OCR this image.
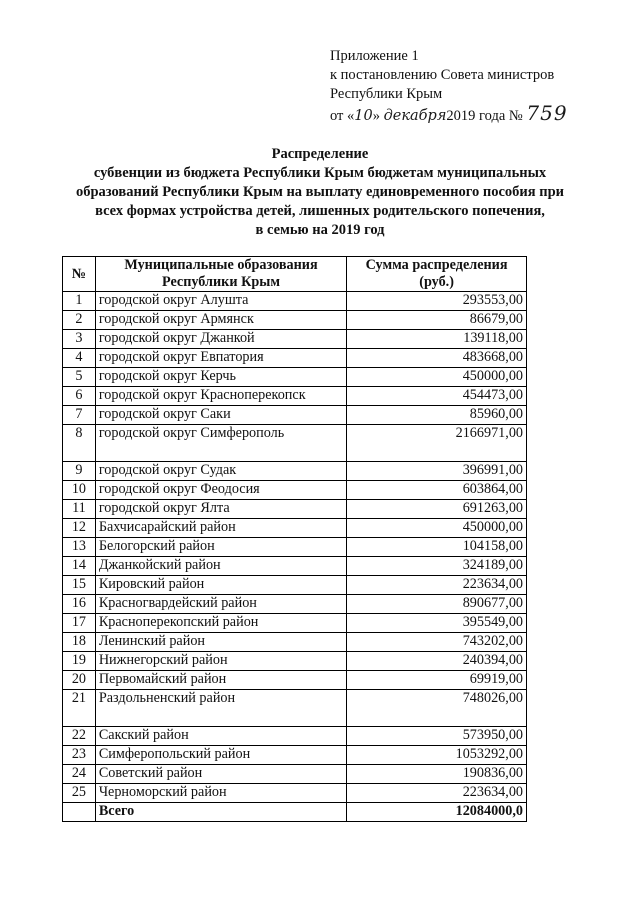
Приложение 1
к постановлению Совета министров
Республики Крым
от «10» декабря2019 года № 759
Распределение
субвенции из бюджета Республики Крым бюджетам муниципальных
образований Республики Крым на выплату единовременного пособия при
всех формах устройства детей, лишенных родительского попечения,
в семью на 2019 год
№	Муниципальные образования Республики Крым	Сумма распределения (руб.)
1	городской округ Алушта	293553,00
2	городской округ Армянск	86679,00
3	городской округ Джанкой	139118,00
4	городской округ Евпатория	483668,00
5	городской округ Керчь	450000,00
6	городской округ Красноперекопск	454473,00
7	городской округ Саки	85960,00
8	городской округ Симферополь	2166971,00
9	городской округ Судак	396991,00
10	городской округ Феодосия	603864,00
11	городской округ Ялта	691263,00
12	Бахчисарайский район	450000,00
13	Белогорский район	104158,00
14	Джанкойский район	324189,00
15	Кировский район	223634,00
16	Красногвардейский район	890677,00
17	Красноперекопский район	395549,00
18	Ленинский район	743202,00
19	Нижнегорский район	240394,00
20	Первомайский район	69919,00
21	Раздольненский район	748026,00
22	Сакский район	573950,00
23	Симферопольский район	1053292,00
24	Советский район	190836,00
25	Черноморский район	223634,00
	Всего	12084000,0
